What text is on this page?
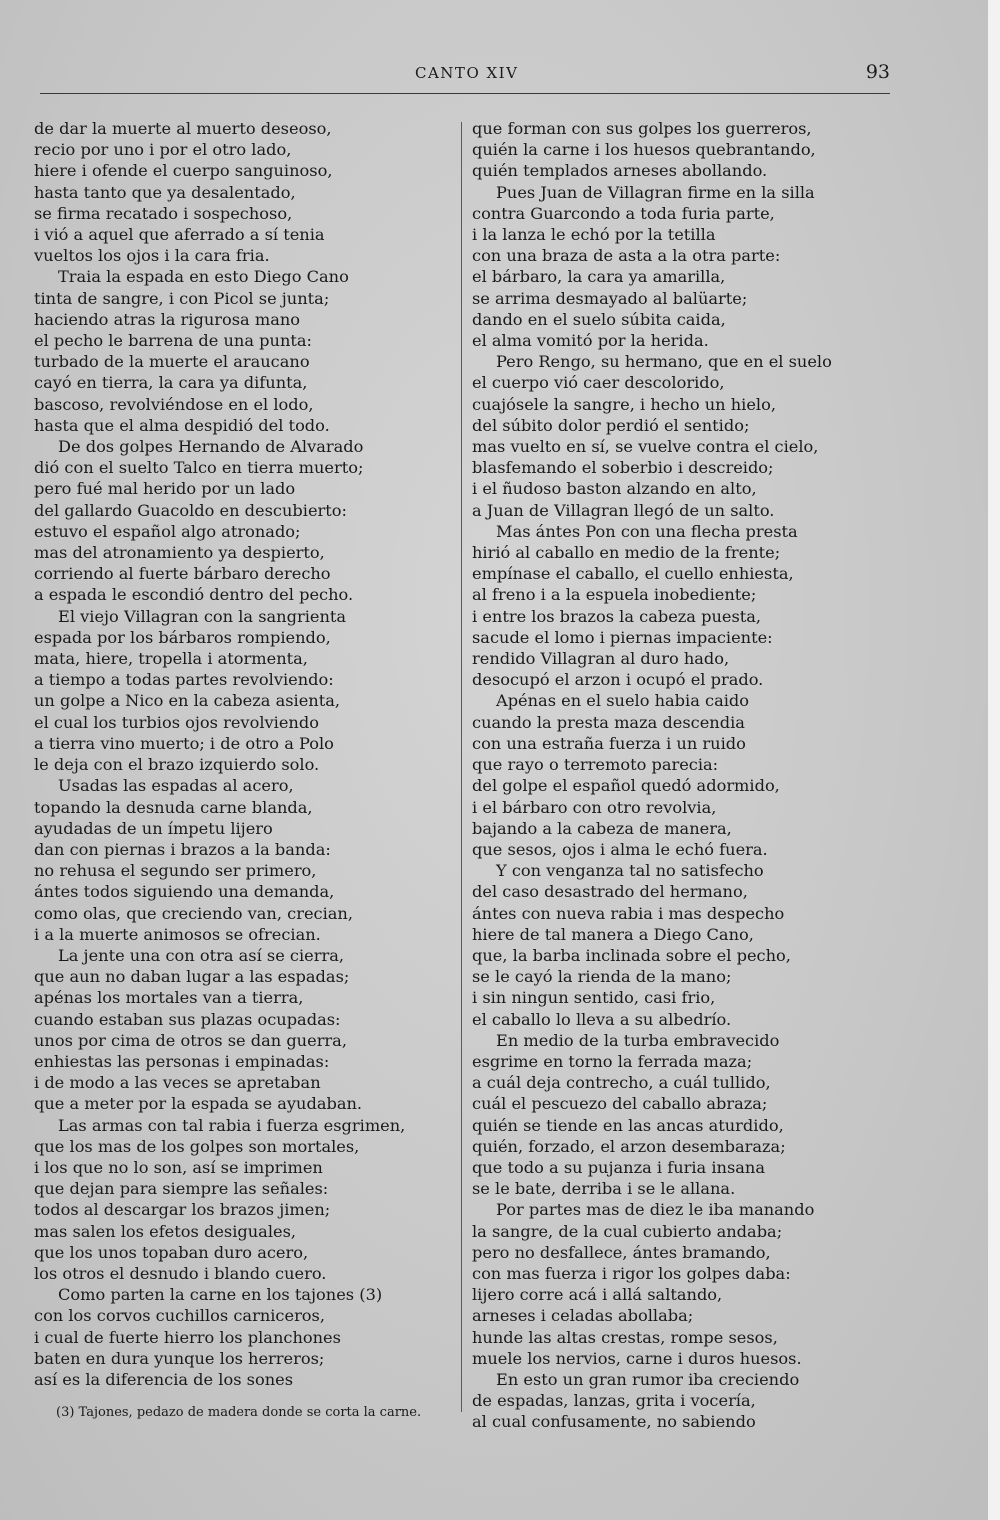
CANTO XIV	93
de dar la muerte al muerto deseoso,
recio por uno i por el otro lado,
hiere i ofende el cuerpo sanguinoso,
hasta tanto que ya desalentado,
se firma recatado i sospechoso,
i vió a aquel que aferrado a sí tenia
vueltos los ojos i la cara fria.
Traia la espada en esto Diego Cano
tinta de sangre, i con Picol se junta;
haciendo atras la rigurosa mano
el pecho le barrena de una punta:
turbado de la muerte el araucano
cayó en tierra, la cara ya difunta,
bascoso, revolviéndose en el lodo,
hasta que el alma despidió del todo.
De dos golpes Hernando de Alvarado
dió con el suelto Talco en tierra muerto;
pero fué mal herido por un lado
del gallardo Guacoldo en descubierto:
estuvo el español algo atronado;
mas del atronamiento ya despierto,
corriendo al fuerte bárbaro derecho
a espada le escondió dentro del pecho.
El viejo Villagran con la sangrienta
espada por los bárbaros rompiendo,
mata, hiere, tropella i atormenta,
a tiempo a todas partes revolviendo:
un golpe a Nico en la cabeza asienta,
el cual los turbios ojos revolviendo
a tierra vino muerto; i de otro a Polo
le deja con el brazo izquierdo solo.
Usadas las espadas al acero,
topando la desnuda carne blanda,
ayudadas de un ímpetu lijero
dan con piernas i brazos a la banda:
no rehusa el segundo ser primero,
ántes todos siguiendo una demanda,
como olas, que creciendo van, crecian,
i a la muerte animosos se ofrecian.
La jente una con otra así se cierra,
que aun no daban lugar a las espadas;
apénas los mortales van a tierra,
cuando estaban sus plazas ocupadas:
unos por cima de otros se dan guerra,
enhiestas las personas i empinadas:
i de modo a las veces se apretaban
que a meter por la espada se ayudaban.
Las armas con tal rabia i fuerza esgrimen,
que los mas de los golpes son mortales,
i los que no lo son, así se imprimen
que dejan para siempre las señales:
todos al descargar los brazos jimen;
mas salen los efetos desiguales,
que los unos topaban duro acero,
los otros el desnudo i blando cuero.
Como parten la carne en los tajones (3)
con los corvos cuchillos carniceros,
i cual de fuerte hierro los planchones
baten en dura yunque los herreros;
así es la diferencia de los sones
que forman con sus golpes los guerreros,
quién la carne i los huesos quebrantando,
quién templados arneses abollando.
Pues Juan de Villagran firme en la silla
contra Guarcondo a toda furia parte,
i la lanza le echó por la tetilla
con una braza de asta a la otra parte:
el bárbaro, la cara ya amarilla,
se arrima desmayado al balüarte;
dando en el suelo súbita caida,
el alma vomitó por la herida.
Pero Rengo, su hermano, que en el suelo
el cuerpo vió caer descolorido,
cuajósele la sangre, i hecho un hielo,
del súbito dolor perdió el sentido;
mas vuelto en sí, se vuelve contra el cielo,
blasfemando el soberbio i descreido;
i el ñudoso baston alzando en alto,
a Juan de Villagran llegó de un salto.
Mas ántes Pon con una flecha presta
hirió al caballo en medio de la frente;
empínase el caballo, el cuello enhiesta,
al freno i a la espuela inobediente;
i entre los brazos la cabeza puesta,
sacude el lomo i piernas impaciente:
rendido Villagran al duro hado,
desocupó el arzon i ocupó el prado.
Apénas en el suelo habia caido
cuando la presta maza descendia
con una estraña fuerza i un ruido
que rayo o terremoto parecia:
del golpe el español quedó adormido,
i el bárbaro con otro revolvia,
bajando a la cabeza de manera,
que sesos, ojos i alma le echó fuera.
Y con venganza tal no satisfecho
del caso desastrado del hermano,
ántes con nueva rabia i mas despecho
hiere de tal manera a Diego Cano,
que, la barba inclinada sobre el pecho,
se le cayó la rienda de la mano;
i sin ningun sentido, casi frio,
el caballo lo lleva a su albedrío.
En medio de la turba embravecido
esgrime en torno la ferrada maza;
a cuál deja contrecho, a cuál tullido,
cuál el pescuezo del caballo abraza;
quién se tiende en las ancas aturdido,
quién, forzado, el arzon desembaraza;
que todo a su pujanza i furia insana
se le bate, derriba i se le allana.
Por partes mas de diez le iba manando
la sangre, de la cual cubierto andaba;
pero no desfallece, ántes bramando,
con mas fuerza i rigor los golpes daba:
lijero corre acá i allá saltando,
arneses i celadas abollaba;
hunde las altas crestas, rompe sesos,
muele los nervios, carne i duros huesos.
En esto un gran rumor iba creciendo
de espadas, lanzas, grita i vocería,
al cual confusamente, no sabiendo
(3) Tajones, pedazo de madera donde se corta la carne.
